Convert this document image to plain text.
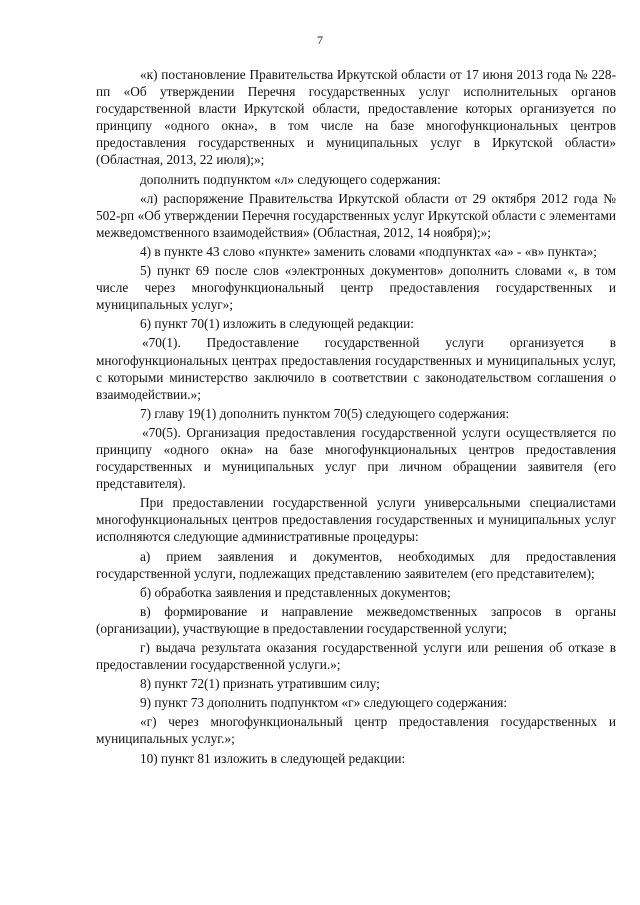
7

«к) постановление Правительства Иркутской области от 17 июня 2013 года № 228-пп «Об утверждении Перечня государственных услуг исполнительных органов государственной власти Иркутской области, предоставление которых организуется по принципу «одного окна», в том числе на базе многофункциональных центров предоставления государственных и муниципальных услуг в Иркутской области» (Областная, 2013, 22 июля);»;

дополнить подпунктом «л» следующего содержания:

«л) распоряжение Правительства Иркутской области от 29 октября 2012 года № 502-рп «Об утверждении Перечня государственных услуг Иркутской области с элементами межведомственного взаимодействия» (Областная, 2012, 14 ноября);»;

4) в пункте 43 слово «пункте» заменить словами «подпунктах «а» - «в» пункта»;

5) пункт 69 после слов «электронных документов» дополнить словами «, в том числе через многофункциональный центр предоставления государственных и муниципальных услуг»;

6) пункт 70(1) изложить в следующей редакции:

«70(1). Предоставление государственной услуги организуется в многофункциональных центрах предоставления государственных и муниципальных услуг, с которыми министерство заключило в соответствии с законодательством соглашения о взаимодействии.»;

7) главу 19(1) дополнить пунктом 70(5) следующего содержания:

«70(5). Организация предоставления государственной услуги осуществляется по принципу «одного окна» на базе многофункциональных центров предоставления государственных и муниципальных услуг при личном обращении заявителя (его представителя).

При предоставлении государственной услуги универсальными специалистами многофункциональных центров предоставления государственных и муниципальных услуг исполняются следующие административные процедуры:

а) прием заявления и документов, необходимых для предоставления государственной услуги, подлежащих представлению заявителем (его представителем);

б) обработка заявления и представленных документов;

в) формирование и направление межведомственных запросов в органы (организации), участвующие в предоставлении государственной услуги;

г) выдача результата оказания государственной услуги или решения об отказе в предоставлении государственной услуги.»;

8) пункт 72(1) признать утратившим силу;

9) пункт 73 дополнить подпунктом «г» следующего содержания:

«г) через многофункциональный центр предоставления государственных и муниципальных услуг.»;

10) пункт 81 изложить в следующей редакции:
